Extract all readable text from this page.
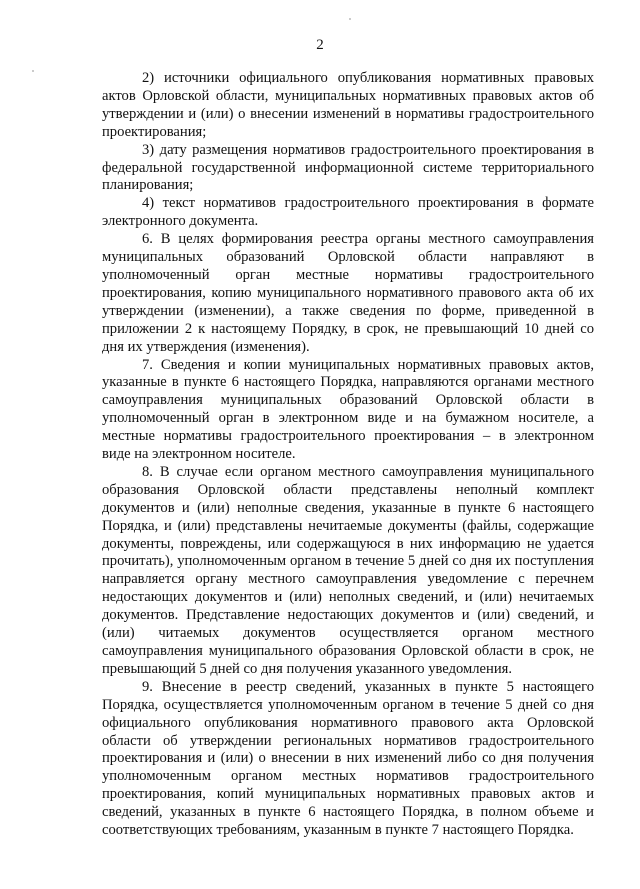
2

2) источники официального опубликования нормативных правовых актов Орловской области, муниципальных нормативных правовых актов об утверждении и (или) о внесении изменений в нормативы градостроительного проектирования;

3) дату размещения нормативов градостроительного проектирования в федеральной государственной информационной системе территориального планирования;

4) текст нормативов градостроительного проектирования в формате электронного документа.

6. В целях формирования реестра органы местного самоуправления муниципальных образований Орловской области направляют в уполномоченный орган местные нормативы градостроительного проектирования, копию муниципального нормативного правового акта об их утверждении (изменении), а также сведения по форме, приведенной в приложении 2 к настоящему Порядку, в срок, не превышающий 10 дней со дня их утверждения (изменения).

7. Сведения и копии муниципальных нормативных правовых актов, указанные в пункте 6 настоящего Порядка, направляются органами местного самоуправления муниципальных образований Орловской области в уполномоченный орган в электронном виде и на бумажном носителе, а местные нормативы градостроительного проектирования – в электронном виде на электронном носителе.

8. В случае если органом местного самоуправления муниципального образования Орловской области представлены неполный комплект документов и (или) неполные сведения, указанные в пункте 6 настоящего Порядка, и (или) представлены нечитаемые документы (файлы, содержащие документы, повреждены, или содержащуюся в них информацию не удается прочитать), уполномоченным органом в течение 5 дней со дня их поступления направляется органу местного самоуправления уведомление с перечнем недостающих документов и (или) неполных сведений, и (или) нечитаемых документов. Представление недостающих документов и (или) сведений, и (или) читаемых документов осуществляется органом местного самоуправления муниципального образования Орловской области в срок, не превышающий 5 дней со дня получения указанного уведомления.

9. Внесение в реестр сведений, указанных в пункте 5 настоящего Порядка, осуществляется уполномоченным органом в течение 5 дней со дня официального опубликования нормативного правового акта Орловской области об утверждении региональных нормативов градостроительного проектирования и (или) о внесении в них изменений либо со дня получения уполномоченным органом местных нормативов градостроительного проектирования, копий муниципальных нормативных правовых актов и сведений, указанных в пункте 6 настоящего Порядка, в полном объеме и соответствующих требованиям, указанным в пункте 7 настоящего Порядка.
